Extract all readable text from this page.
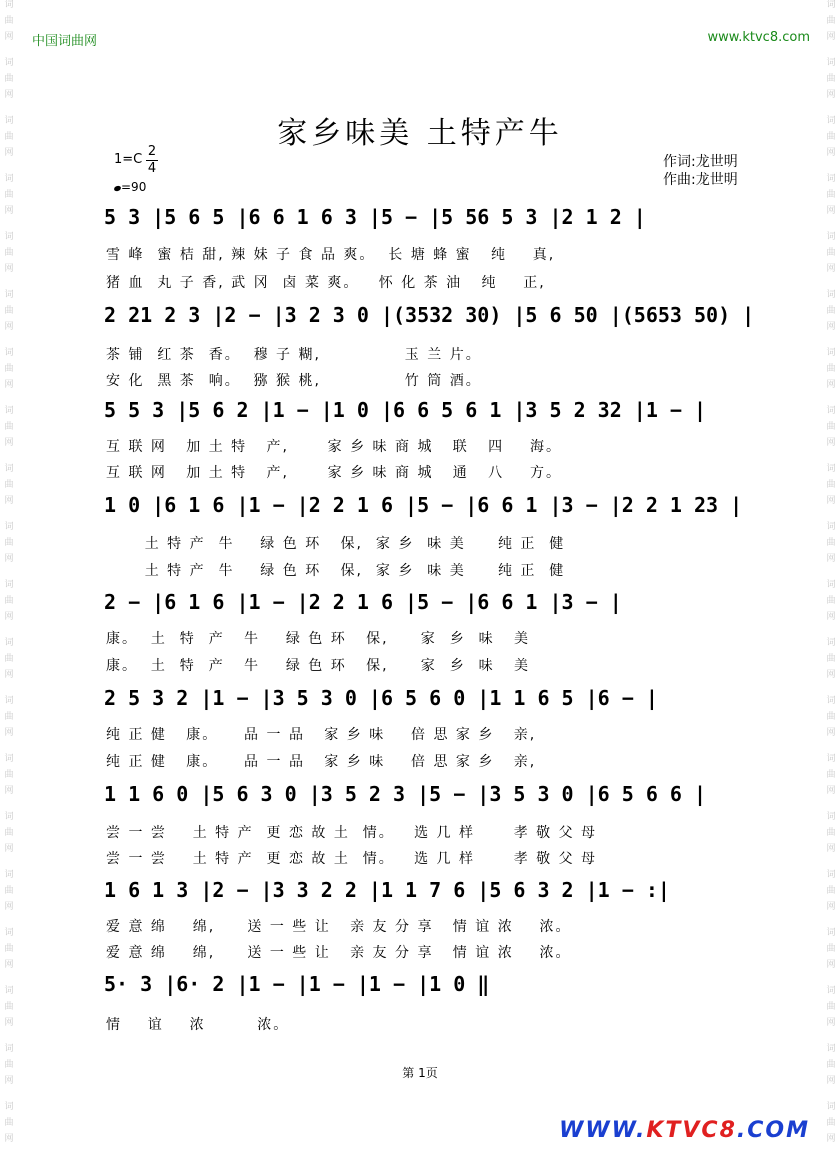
词
曲
网

词
曲
网

词
曲
网

词
曲
网

词
曲
网

词
曲
网

词
曲
网

词
曲
网

词
曲
网

词
曲
网

词
曲
网

词
曲
网

词
曲
网

词
曲
网

词
曲
网

词
曲
网

词
曲
网

词
曲
网

词
曲
网

词
曲
网

词
曲
网

词
曲
网

词
曲
网

词
曲
网

词
曲
网

词
曲
网

词
曲
网

词
曲
网

词
曲
网

词
曲
网

词
曲
网

词
曲
网

词
曲
网

词
曲
网

词
曲
网

词
曲
网

词
曲
网

词
曲
网

词
曲
网

词
曲
网

中国词曲网	www.ktvc8.com
家乡味美 土特产牛
1=C
2
4
=90
作词:龙世明
作曲:龙世明
5 3 |5 6 5 |6 6 1 6 3 |5 − |5 56 5 3 |2 1 2 |
雪 峰  蜜 桔 甜, 辣 妹 子 食 品 爽。  长 塘 蜂 蜜   纯    真,
猪 血  丸 子 香, 武 冈  卤 菜 爽。   怀 化 茶 油   纯    正,
2 21 2 3 |2 − |3 2 3 0 |(3532 30) |5 6 50 |(5653 50) |
茶 铺  红 茶  香。  穆 子 糊,             玉 兰 片。
安 化  黑 茶  响。  猕 猴 桃,             竹 筒 酒。
5 5 3 |5 6 2 |1 − |1 0 |6 6 5 6 1 |3 5 2 32 |1 − |
互 联 网   加 土 特   产,      家 乡 味 商 城   联   四    海。
互 联 网   加 土 特   产,      家 乡 味 商 城   通   八    方。
1 0 |6 1 6 |1 − |2 2 1 6 |5 − |6 6 1 |3 − |2 2 1 23 |
土 特 产  牛    绿 色 环   保,  家 乡  味 美     纯 正  健
土 特 产  牛    绿 色 环   保,  家 乡  味 美     纯 正  健
2 − |6 1 6 |1 − |2 2 1 6 |5 − |6 6 1 |3 − |
康。  土  特  产   牛    绿 色 环   保,     家  乡  味   美
康。  土  特  产   牛    绿 色 环   保,     家  乡  味   美
2 5 3 2 |1 − |3 5 3 0 |6 5 6 0 |1 1 6 5 |6 − |
纯 正 健   康。    品 一 品   家 乡 味    倍 思 家 乡   亲,
纯 正 健   康。    品 一 品   家 乡 味    倍 思 家 乡   亲,
1 1 6 0 |5 6 3 0 |3 5 2 3 |5 − |3 5 3 0 |6 5 6 6 |
尝 一 尝    土 特 产  更 恋 故 土  情。   选 几 样      孝 敬 父 母
尝 一 尝    土 特 产  更 恋 故 土  情。   选 几 样      孝 敬 父 母
1 6 1 3 |2 − |3 3 2 2 |1 1 7 6 |5 6 3 2 |1 − :|
爱 意 绵    绵,     送 一 些 让   亲 友 分 享   情 谊 浓    浓。
爱 意 绵    绵,     送 一 些 让   亲 友 分 享   情 谊 浓    浓。
5· 3 |6· 2 |1 − |1 − |1 − |1 0 ‖
情    谊    浓        浓。
第 1页
WWW.KTVC8.COM
